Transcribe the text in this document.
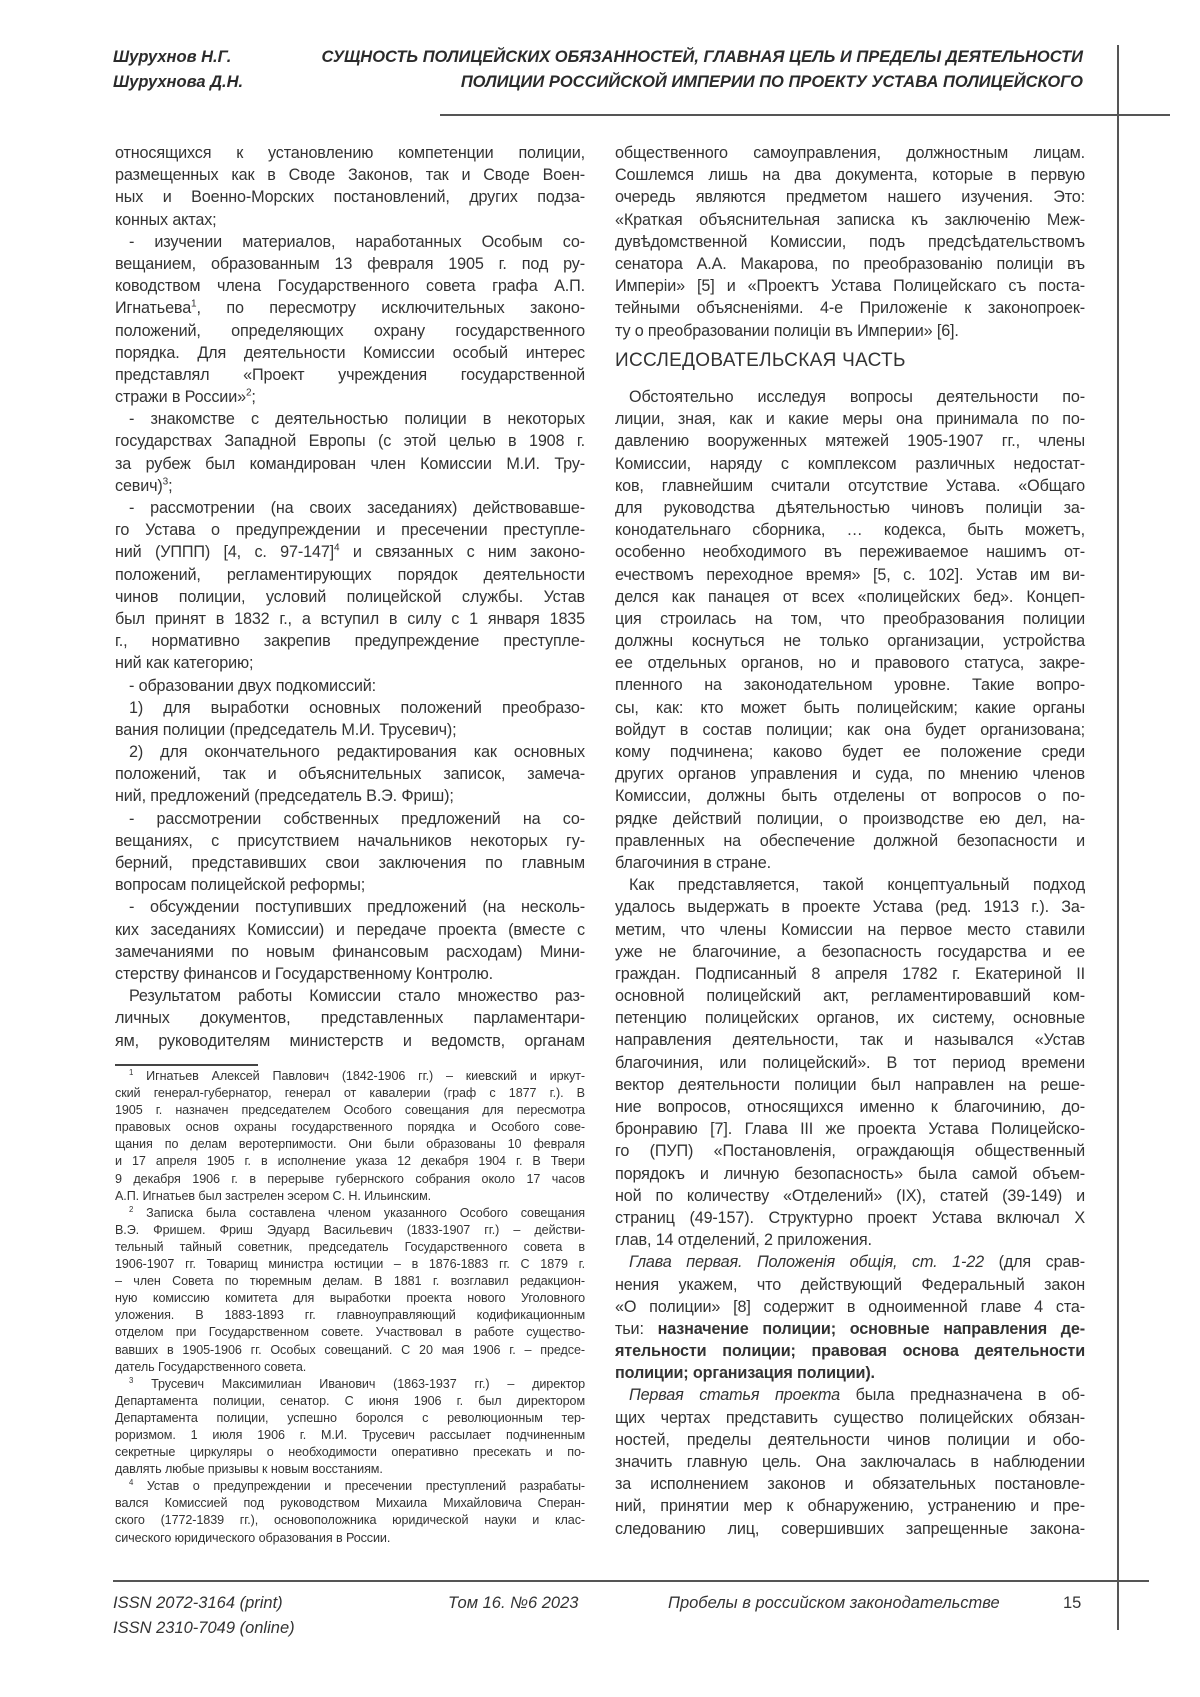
Шурухнов Н.Г.	СУЩНОСТЬ ПОЛИЦЕЙСКИХ ОБЯЗАННОСТЕЙ, ГЛАВНАЯ ЦЕЛЬ И ПРЕДЕЛЫ ДЕЯТЕЛЬНОСТИ
Шурухнова Д.Н.	ПОЛИЦИИ РОССИЙСКОЙ ИМПЕРИИ ПО ПРОЕКТУ УСТАВА ПОЛИЦЕЙСКОГО
относящихся к установлению компетенции полиции,
размещенных как в Своде Законов, так и Своде Воен-
ных и Военно-Морских постановлений, других подза-
конных актах;
- изучении материалов, наработанных Особым со-
вещанием, образованным 13 февраля 1905 г. под ру-
ководством члена Государственного совета графа А.П.
Игнатьева1, по пересмотру исключительных законо-
положений, определяющих охрану государственного
порядка. Для деятельности Комиссии особый интерес
представлял «Проект учреждения государственной
стражи в России»2;
- знакомстве с деятельностью полиции в некоторых
государствах Западной Европы (с этой целью в 1908 г.
за рубеж был командирован член Комиссии М.И. Тру-
севич)3;
- рассмотрении (на своих заседаниях) действовавше-
го Устава о предупреждении и пресечении преступле-
ний (УППП) [4, с. 97-147]4 и связанных с ним законо-
положений, регламентирующих порядок деятельности
чинов полиции, условий полицейской службы. Устав
был принят в 1832 г., а вступил в силу с 1 января 1835
г., нормативно закрепив предупреждение преступле-
ний как категорию;
- образовании двух подкомиссий:
1) для выработки основных положений преобразо-
вания полиции (председатель М.И. Трусевич);
2) для окончательного редактирования как основных
положений, так и объяснительных записок, замеча-
ний, предложений (председатель В.Э. Фриш);
- рассмотрении собственных предложений на со-
вещаниях, с присутствием начальников некоторых гу-
берний, представивших свои заключения по главным
вопросам полицейской реформы;
- обсуждении поступивших предложений (на несколь-
ких заседаниях Комиссии) и передаче проекта (вместе с
замечаниями по новым финансовым расходам) Мини-
стерству финансов и Государственному Контролю.
Результатом работы Комиссии стало множество раз-
личных документов, представленных парламентари-
ям, руководителям министерств и ведомств, органам
1 Игнатьев Алексей Павлович (1842-1906 гг.) – киевский и иркут-
ский генерал-губернатор, генерал от кавалерии (граф с 1877 г.). В
1905 г. назначен председателем Особого совещания для пересмотра
правовых основ охраны государственного порядка и Особого сове-
щания по делам веротерпимости. Они были образованы 10 февраля
и 17 апреля 1905 г. в исполнение указа 12 декабря 1904 г. В Твери
9 декабря 1906 г. в перерыве губернского собрания около 17 часов
А.П. Игнатьев был застрелен эсером С. Н. Ильинским.
2 Записка была составлена членом указанного Особого совещания
В.Э. Фришем. Фриш Эдуард Васильевич (1833-1907 гг.) – действи-
тельный тайный советник, председатель Государственного совета в
1906-1907 гг. Товарищ министра юстиции – в 1876-1883 гг. С 1879 г.
– член Совета по тюремным делам. В 1881 г. возглавил редакцион-
ную комиссию комитета для выработки проекта нового Уголовного
уложения. В 1883-1893 гг. главноуправляющий кодификационным
отделом при Государственном совете. Участвовал в работе существо-
вавших в 1905-1906 гг. Особых совещаний. С 20 мая 1906 г. – предсе-
датель Государственного совета.
3 Трусевич Максимилиан Иванович (1863-1937 гг.) – директор
Департамента полиции, сенатор. С июня 1906 г. был директором
Департамента полиции, успешно боролся с революционным тер-
роризмом. 1 июля 1906 г. М.И. Трусевич рассылает подчиненным
секретные циркуляры о необходимости оперативно пресекать и по-
давлять любые призывы к новым восстаниям.
4 Устав о предупреждении и пресечении преступлений разрабаты-
вался Комиссией под руководством Михаила Михайловича Сперан-
ского (1772-1839 гг.), основоположника юридической науки и клас-
сического юридического образования в России.
общественного самоуправления, должностным лицам.
Сошлемся лишь на два документа, которые в первую
очередь являются предметом нашего изучения. Это:
«Краткая объяснительная записка къ заключенію Меж-
дувѣдомственной Комиссии, подъ предсѣдательствомъ
сенатора А.А. Макарова, по преобразованію полиціи въ
Имперіи» [5] и «Проектъ Устава Полицейскаго съ поста-
тейными объясненіями. 4-е Приложеніе к законопроек-
ту о преобразовании полиціи въ Империи» [6].
ИССЛЕДОВАТЕЛЬСКАЯ ЧАСТЬ
Обстоятельно исследуя вопросы деятельности по-
лиции, зная, как и какие меры она принимала по по-
давлению вооруженных мятежей 1905-1907 гг., члены
Комиссии, наряду с комплексом различных недостат-
ков, главнейшим считали отсутствие Устава. «Общаго
для руководства дѣятельностью чиновъ полиціи за-
конодательнаго сборника, … кодекса, быть можетъ,
особенно необходимого въ переживаемое нашимъ от-
ечествомъ переходное время» [5, с. 102]. Устав им ви-
делся как панацея от всех «полицейских бед». Концеп-
ция строилась на том, что преобразования полиции
должны коснуться не только организации, устройства
ее отдельных органов, но и правового статуса, закре-
пленного на законодательном уровне. Такие вопро-
сы, как: кто может быть полицейским; какие органы
войдут в состав полиции; как она будет организована;
кому подчинена; каково будет ее положение среди
других органов управления и суда, по мнению членов
Комиссии, должны быть отделены от вопросов о по-
рядке действий полиции, о производстве ею дел, на-
правленных на обеспечение должной безопасности и
благочиния в стране.
Как представляется, такой концептуальный подход
удалось выдержать в проекте Устава (ред. 1913 г.). За-
метим, что члены Комиссии на первое место ставили
уже не благочиние, а безопасность государства и ее
граждан. Подписанный 8 апреля 1782 г. Екатериной II
основной полицейский акт, регламентировавший ком-
петенцию полицейских органов, их систему, основные
направления деятельности, так и назывался «Устав
благочиния, или полицейский». В тот период времени
вектор деятельности полиции был направлен на реше-
ние вопросов, относящихся именно к благочинию, до-
бронравию [7]. Глава III же проекта Устава Полицейско-
го (ПУП) «Постановленія, ограждающія общественный
порядокъ и личную безопасность» была самой объем-
ной по количеству «Отделений» (IX), статей (39-149) и
страниц (49-157). Структурно проект Устава включал X
глав, 14 отделений, 2 приложения.
Глава первая. Положенія общія, ст. 1-22 (для срав-
нения укажем, что действующий Федеральный закон
«О полиции» [8] содержит в одноименной главе 4 ста-
тьи: назначение полиции; основные направления де-
ятельности полиции; правовая основа деятельности
полиции; организация полиции).
Первая статья проекта была предназначена в об-
щих чертах представить существо полицейских обязан-
ностей, пределы деятельности чинов полиции и обо-
значить главную цель. Она заключалась в наблюдении
за исполнением законов и обязательных постановле-
ний, принятии мер к обнаружению, устранению и пре-
следованию лиц, совершивших запрещенные закона-
ISSN 2072-3164 (print)
ISSN 2310-7049 (online)
Том 16. №6 2023	Пробелы в российском законодательстве	15
